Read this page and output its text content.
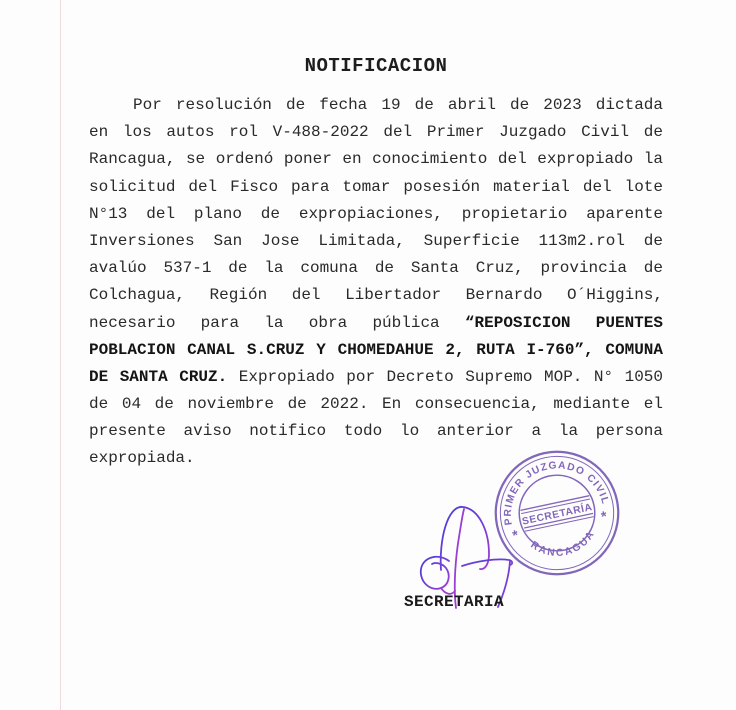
NOTIFICACION
Por resolución de fecha 19 de abril de 2023 dictada
en los autos rol V-488-2022 del Primer Juzgado Civil de
Rancagua, se ordenó poner en conocimiento del expropiado la
solicitud del Fisco para tomar posesión material del lote
N°13 del plano de expropiaciones, propietario aparente
Inversiones San Jose Limitada, Superficie 113m2.rol de
avalúo 537-1 de la comuna de Santa Cruz, provincia de
Colchagua, Región del Libertador Bernardo O´Higgins,
necesario para la obra pública “REPOSICION PUENTES
POBLACION CANAL S.CRUZ Y CHOMEDAHUE 2, RUTA I-760”, COMUNA
DE SANTA CRUZ. Expropiado por Decreto Supremo MOP. N° 1050
de 04 de noviembre de 2022. En consecuencia, mediante el
presente aviso notifico todo lo anterior a la persona
expropiada.
PRIMER JUZGADO CIVIL
RANCAGUA
SECRETARÍA
*
*
SECRETARIA
